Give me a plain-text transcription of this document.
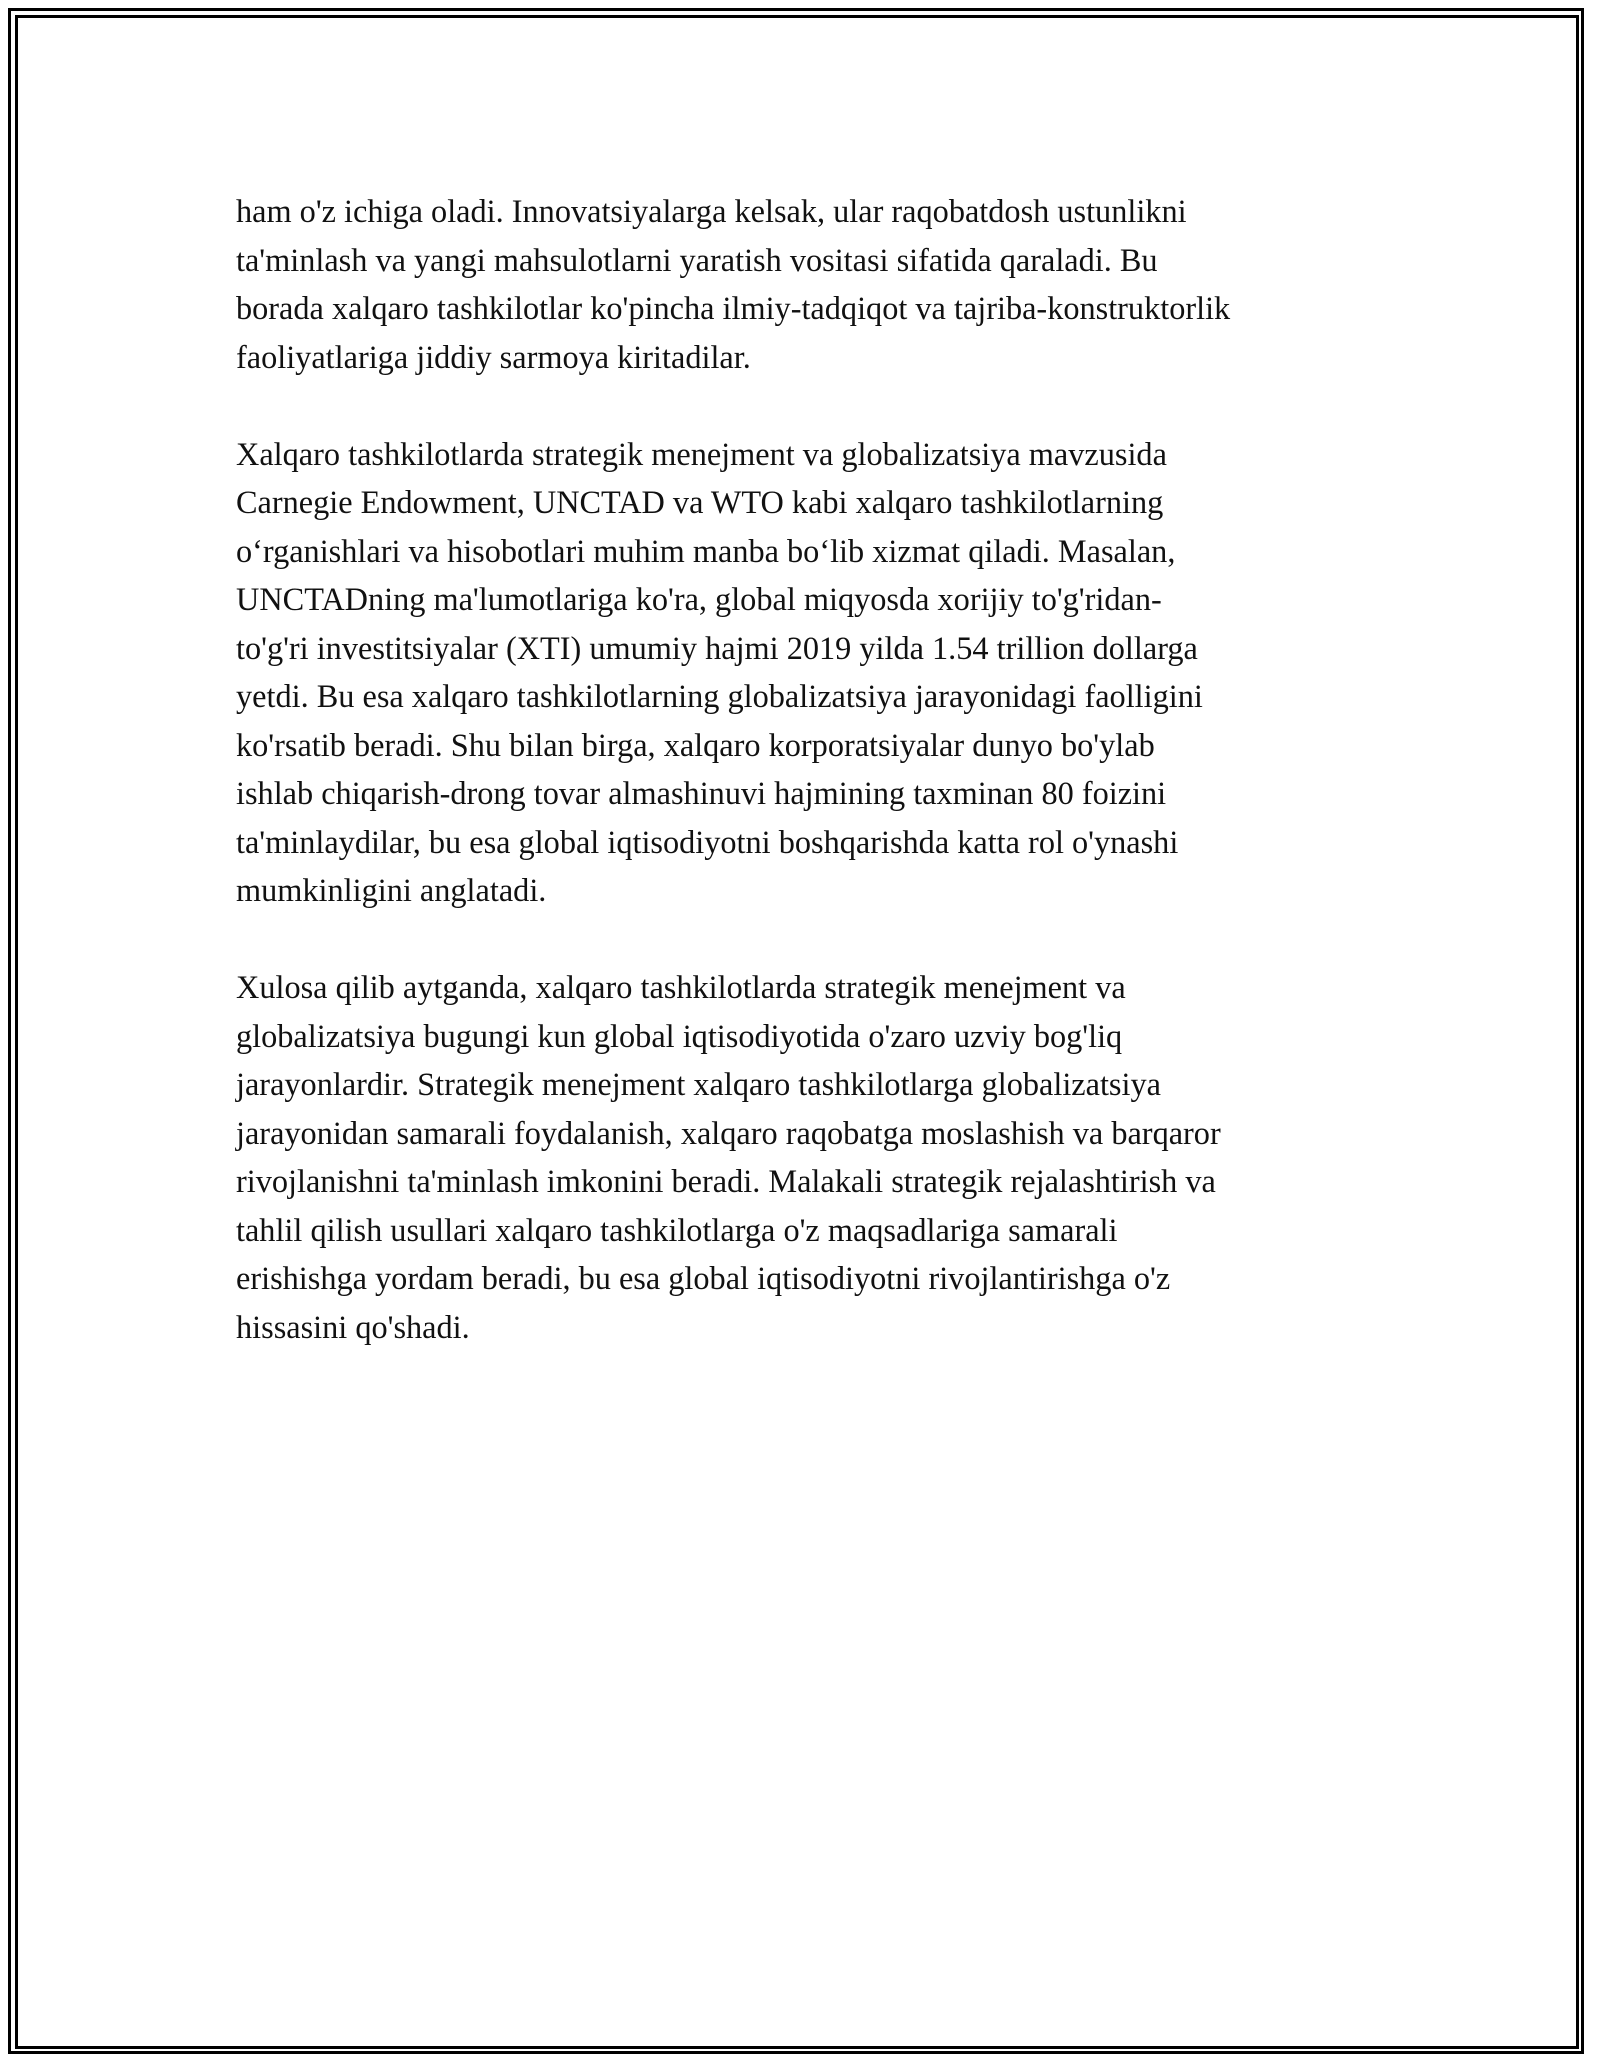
ham o'z ichiga oladi. Innovatsiyalarga kelsak, ular raqobatdosh ustunlikni
ta'minlash va yangi mahsulotlarni yaratish vositasi sifatida qaraladi. Bu
borada xalqaro tashkilotlar ko'pincha ilmiy-tadqiqot va tajriba-konstruktorlik
faoliyatlariga jiddiy sarmoya kiritadilar.

Xalqaro tashkilotlarda strategik menejment va globalizatsiya mavzusida
Carnegie Endowment, UNCTAD va WTO kabi xalqaro tashkilotlarning
o‘rganishlari va hisobotlari muhim manba bo‘lib xizmat qiladi. Masalan,
UNCTADning ma'lumotlariga ko'ra, global miqyosda xorijiy to'g'ridan-
to'g'ri investitsiyalar (XTI) umumiy hajmi 2019 yilda 1.54 trillion dollarga
yetdi. Bu esa xalqaro tashkilotlarning globalizatsiya jarayonidagi faolligini
ko'rsatib beradi. Shu bilan birga, xalqaro korporatsiyalar dunyo bo'ylab
ishlab chiqarish-drong tovar almashinuvi hajmining taxminan 80 foizini
ta'minlaydilar, bu esa global iqtisodiyotni boshqarishda katta rol o'ynashi
mumkinligini anglatadi.

Xulosa qilib aytganda, xalqaro tashkilotlarda strategik menejment va
globalizatsiya bugungi kun global iqtisodiyotida o'zaro uzviy bog'liq
jarayonlardir. Strategik menejment xalqaro tashkilotlarga globalizatsiya
jarayonidan samarali foydalanish, xalqaro raqobatga moslashish va barqaror
rivojlanishni ta'minlash imkonini beradi. Malakali strategik rejalashtirish va
tahlil qilish usullari xalqaro tashkilotlarga o'z maqsadlariga samarali
erishishga yordam beradi, bu esa global iqtisodiyotni rivojlantirishga o'z
hissasini qo'shadi.
